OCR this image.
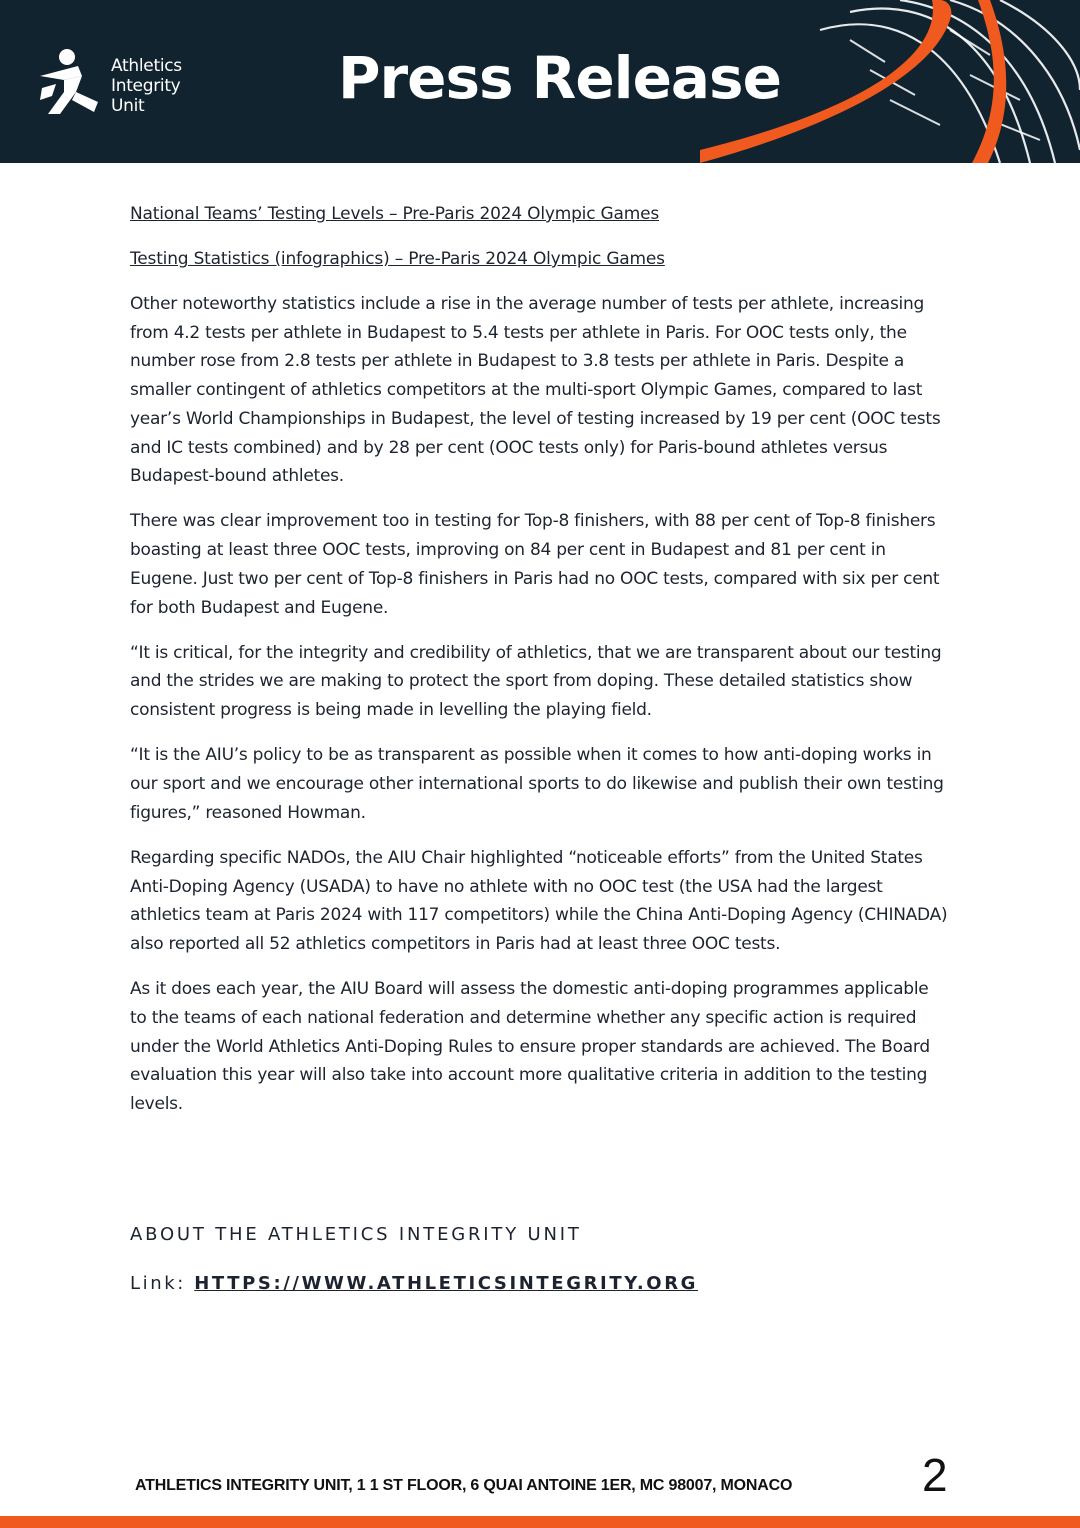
Athletics
Integrity
Unit	Press Release
National Teams’ Testing Levels – Pre-Paris 2024 Olympic Games
Testing Statistics (infographics) – Pre-Paris 2024 Olympic Games

Other noteworthy statistics include a rise in the average number of tests per athlete, increasing from 4.2 tests per athlete in Budapest to 5.4 tests per athlete in Paris. For OOC tests only, the number rose from 2.8 tests per athlete in Budapest to 3.8 tests per athlete in Paris. Despite a smaller contingent of athletics competitors at the multi-sport Olympic Games, compared to last year’s World Championships in Budapest, the level of testing increased by 19 per cent (OOC tests and IC tests combined) and by 28 per cent (OOC tests only) for Paris-bound athletes versus Budapest-bound athletes.

There was clear improvement too in testing for Top-8 finishers, with 88 per cent of Top-8 finishers boasting at least three OOC tests, improving on 84 per cent in Budapest and 81 per cent in Eugene. Just two per cent of Top-8 finishers in Paris had no OOC tests, compared with six per cent for both Budapest and Eugene.

“It is critical, for the integrity and credibility of athletics, that we are transparent about our testing and the strides we are making to protect the sport from doping. These detailed statistics show consistent progress is being made in levelling the playing field.

“It is the AIU’s policy to be as transparent as possible when it comes to how anti-doping works in our sport and we encourage other international sports to do likewise and publish their own testing figures,” reasoned Howman.

Regarding specific NADOs, the AIU Chair highlighted “noticeable efforts” from the United States Anti-Doping Agency (USADA) to have no athlete with no OOC test (the USA had the largest athletics team at Paris 2024 with 117 competitors) while the China Anti-Doping Agency (CHINADA) also reported all 52 athletics competitors in Paris had at least three OOC tests.

As it does each year, the AIU Board will assess the domestic anti-doping programmes applicable to the teams of each national federation and determine whether any specific action is required under the World Athletics Anti-Doping Rules to ensure proper standards are achieved. The Board evaluation this year will also take into account more qualitative criteria in addition to the testing levels.

ABOUT THE ATHLETICS INTEGRITY UNIT
Link: HTTPS://WWW.ATHLETICSINTEGRITY.ORG
ATHLETICS INTEGRITY UNIT, 1 1 ST FLOOR, 6 QUAI ANTOINE 1ER, MC 98007, MONACO	2
